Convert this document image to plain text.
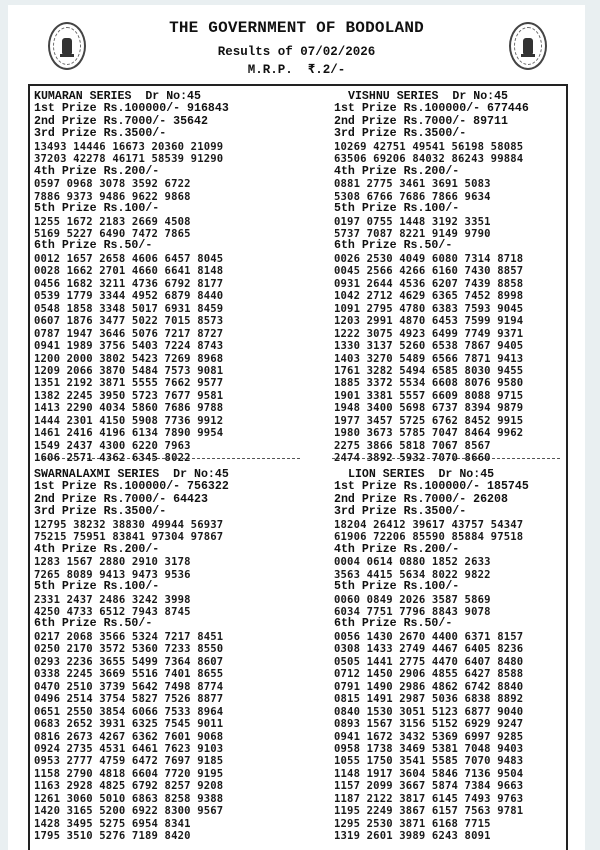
THE GOVERNMENT OF BODOLAND
Results of 07/02/2026
M.R.P.  ₹.2/-
KUMARAN SERIES  Dr No:45
1st Prize Rs.100000/- 916843
2nd Prize Rs.7000/- 35642
3rd Prize Rs.3500/-
13493 14446 16673 20360 21099
37203 42278 46171 58539 91290
4th Prize Rs.200/-
0597 0968 3078 3592 6722
7886 9373 9486 9622 9868
5th Prize Rs.100/-
1255 1672 2183 2669 4508
5169 5227 6490 7472 7865
6th Prize Rs.50/-
0012 1657 2658 4606 6457 8045
0028 1662 2701 4660 6641 8148
0456 1682 3211 4736 6792 8177
0539 1779 3344 4952 6879 8440
0548 1858 3348 5017 6931 8459
0607 1876 3477 5022 7015 8573
0787 1947 3646 5076 7217 8727
0941 1989 3756 5403 7224 8743
1200 2000 3802 5423 7269 8968
1209 2066 3870 5484 7573 9081
1351 2192 3871 5555 7662 9577
1382 2245 3950 5723 7677 9581
1413 2290 4034 5860 7686 9788
1444 2301 4150 5908 7736 9912
1461 2416 4196 6134 7890 9954
1549 2437 4300 6220 7963
1606 2571 4362 6345 8022
VISHNU SERIES  Dr No:45
1st Prize Rs.100000/- 677446
2nd Prize Rs.7000/- 89711
3rd Prize Rs.3500/-
10269 42751 49541 56198 58085
63506 69206 84032 86243 99884
4th Prize Rs.200/-
0881 2775 3461 3691 5083
5308 6766 7686 7866 9634
5th Prize Rs.100/-
0197 0755 1448 3192 3351
5737 7087 8221 9149 9790
6th Prize Rs.50/-
0026 2530 4049 6080 7314 8718
0045 2566 4266 6160 7430 8857
0931 2644 4536 6207 7439 8858
1042 2712 4629 6365 7452 8998
1091 2795 4780 6383 7593 9045
1203 2991 4870 6453 7599 9194
1222 3075 4923 6499 7749 9371
1330 3137 5260 6538 7867 9405
1403 3270 5489 6566 7871 9413
1761 3282 5494 6585 8030 9455
1885 3372 5534 6608 8076 9580
1901 3381 5557 6609 8088 9715
1948 3400 5698 6737 8394 9879
1977 3457 5725 6762 8452 9915
1980 3673 5785 7047 8464 9962
2275 3866 5818 7067 8567
2474 3892 5932 7070 8660
SWARNALAXMI SERIES  Dr No:45
1st Prize Rs.100000/- 756322
2nd Prize Rs.7000/- 64423
3rd Prize Rs.3500/-
12795 38232 38830 49944 56937
75215 75951 83841 97304 97867
4th Prize Rs.200/-
1283 1567 2880 2910 3178
7265 8089 9413 9473 9536
5th Prize Rs.100/-
2331 2437 2486 3242 3998
4250 4733 6512 7943 8745
6th Prize Rs.50/-
0217 2068 3566 5324 7217 8451
0250 2170 3572 5360 7233 8550
0293 2236 3655 5499 7364 8607
0338 2245 3669 5516 7401 8655
0470 2510 3739 5642 7498 8774
0496 2514 3754 5827 7526 8877
0651 2550 3854 6066 7533 8964
0683 2652 3931 6325 7545 9011
0816 2673 4267 6362 7601 9068
0924 2735 4531 6461 7623 9103
0953 2777 4759 6472 7697 9185
1158 2790 4818 6604 7720 9195
1163 2928 4825 6792 8257 9208
1261 3060 5010 6863 8258 9388
1420 3165 5200 6922 8300 9567
1428 3495 5275 6954 8341
1795 3510 5276 7189 8420
LION SERIES  Dr No:45
1st Prize Rs.100000/- 185745
2nd Prize Rs.7000/- 26208
3rd Prize Rs.3500/-
18204 26412 39617 43757 54347
61906 72206 85590 85884 97518
4th Prize Rs.200/-
0004 0614 0880 1852 2633
3563 4415 5634 8022 9822
5th Prize Rs.100/-
0060 0849 2026 3587 5869
6034 7751 7796 8843 9078
6th Prize Rs.50/-
0056 1430 2670 4400 6371 8157
0308 1433 2749 4467 6405 8236
0505 1441 2775 4470 6407 8480
0712 1450 2906 4855 6427 8588
0791 1490 2986 4862 6742 8840
0815 1491 2987 5036 6838 8892
0840 1530 3051 5123 6877 9040
0893 1567 3156 5152 6929 9247
0941 1672 3432 5369 6997 9285
0958 1738 3469 5381 7048 9403
1055 1750 3541 5585 7070 9483
1148 1917 3604 5846 7136 9504
1157 2099 3667 5874 7384 9663
1187 2122 3817 6145 7493 9763
1195 2249 3867 6157 7563 9781
1295 2530 3871 6168 7715
1319 2601 3989 6243 8091
